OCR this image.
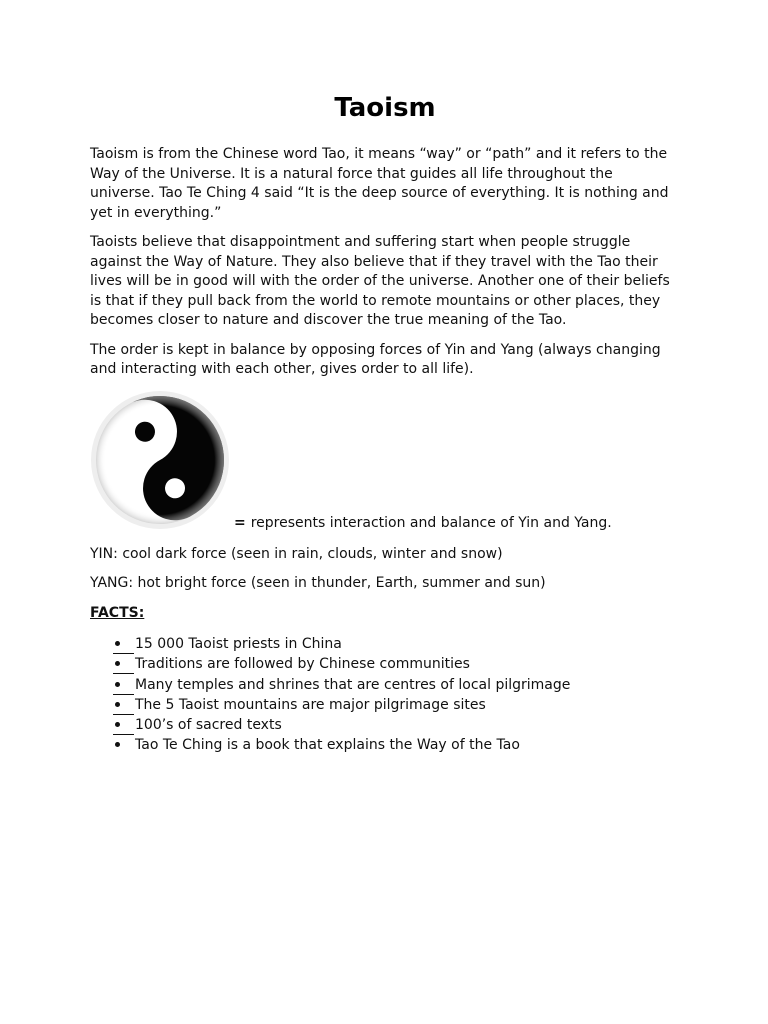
Taoism

Taoism is from the Chinese word Tao, it means “way” or “path” and it refers to the Way of the Universe. It is a natural force that guides all life throughout the universe. Tao Te Ching 4 said “It is the deep source of everything. It is nothing and yet in everything.”

Taoists believe that disappointment and suffering start when people struggle against the Way of Nature. They also believe that if they travel with the Tao their lives will be in good will with the order of the universe. Another one of their beliefs is that if they pull back from the world to remote mountains or other places, they becomes closer to nature and discover the true meaning of the Tao.

The order is kept in balance by opposing forces of Yin and Yang (always changing and interacting with each other, gives order to all life).

= represents interaction and balance of Yin and Yang.

YIN: cool dark force (seen in rain, clouds, winter and snow)

YANG: hot bright force (seen in thunder, Earth, summer and sun)

FACTS:
15 000 Taoist priests in China
Traditions are followed by Chinese communities
Many temples and shrines that are centres of local pilgrimage
The 5 Taoist mountains are major pilgrimage sites
100’s of sacred texts
Tao Te Ching is a book that explains the Way of the Tao
